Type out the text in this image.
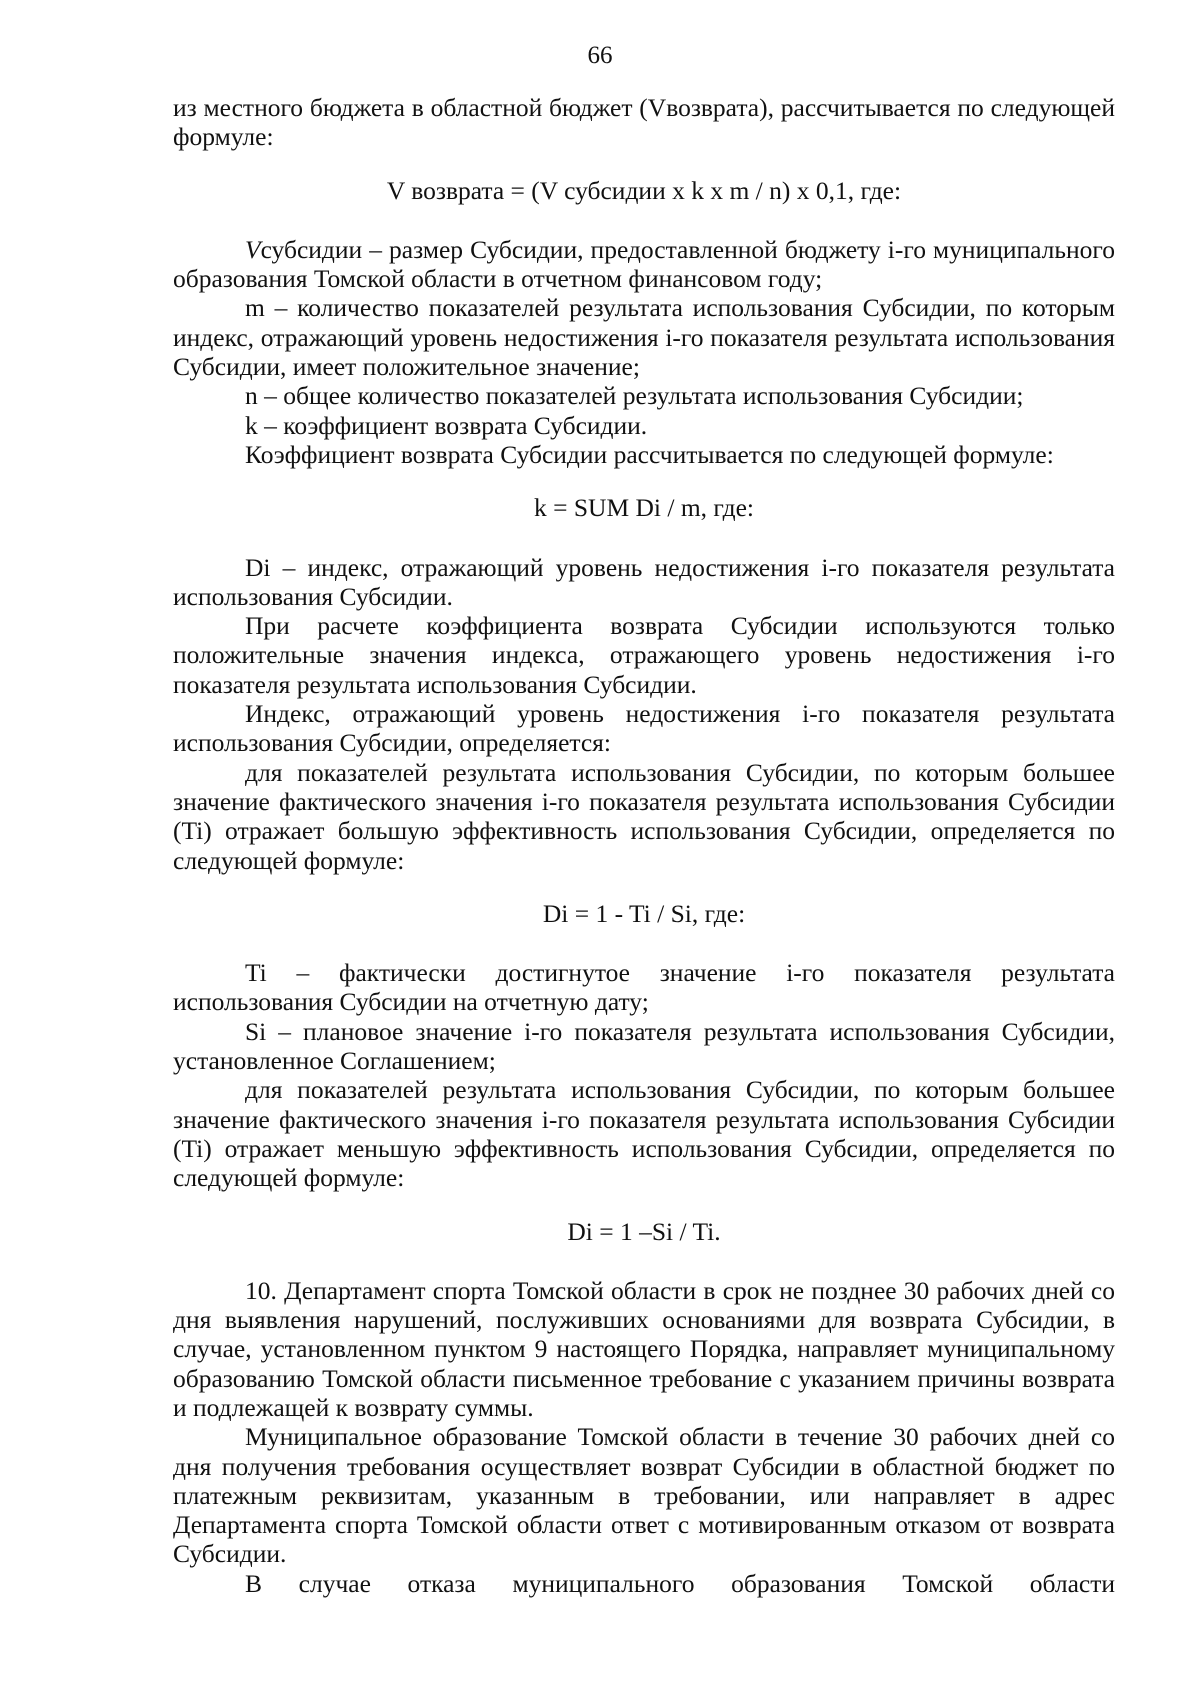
66

из местного бюджета в областной бюджет (Vвозврата), рассчитывается по следующей формуле:

V возврата = (V субсидии x k x m / n) x 0,1, где:

Vсубсидии – размер Субсидии, предоставленной бюджету i-го муниципального образования Томской области в отчетном финансовом году;

m – количество показателей результата использования Субсидии, по которым индекс, отражающий уровень недостижения i-го показателя результата использования Субсидии, имеет положительное значение;

n – общее количество показателей результата использования Субсидии;

k – коэффициент возврата Субсидии.

Коэффициент возврата Субсидии рассчитывается по следующей формуле:

k = SUM Di / m, где:

Di – индекс, отражающий уровень недостижения i-го показателя результата использования Субсидии.

При расчете коэффициента возврата Субсидии используются только положительные значения индекса, отражающего уровень недостижения i-го показателя результата использования Субсидии.

Индекс, отражающий уровень недостижения i-го показателя результата использования Субсидии, определяется:

для показателей результата использования Субсидии, по которым большее значение фактического значения i-го показателя результата использования Субсидии (Ti) отражает большую эффективность использования Субсидии, определяется по следующей формуле:

Di = 1 - Ti / Si, где:

Ti – фактически достигнутое значение i-го показателя результата использования Субсидии на отчетную дату;

Si – плановое значение i-го показателя результата использования Субсидии, установленное Соглашением;

для показателей результата использования Субсидии, по которым большее значение фактического значения i-го показателя результата использования Субсидии (Ti) отражает меньшую эффективность использования Субсидии, определяется по следующей формуле:

Di = 1 –Si / Ti.

10. Департамент спорта Томской области в срок не позднее 30 рабочих дней со дня выявления нарушений, послуживших основаниями для возврата Субсидии, в случае, установленном пунктом 9 настоящего Порядка, направляет муниципальному образованию Томской области письменное требование с указанием причины возврата и подлежащей к возврату суммы.

Муниципальное образование Томской области в течение 30 рабочих дней со дня получения требования осуществляет возврат Субсидии в областной бюджет по платежным реквизитам, указанным в требовании, или направляет в адрес Департамента спорта Томской области ответ с мотивированным отказом от возврата Субсидии.

В случае отказа муниципального образования Томской области
